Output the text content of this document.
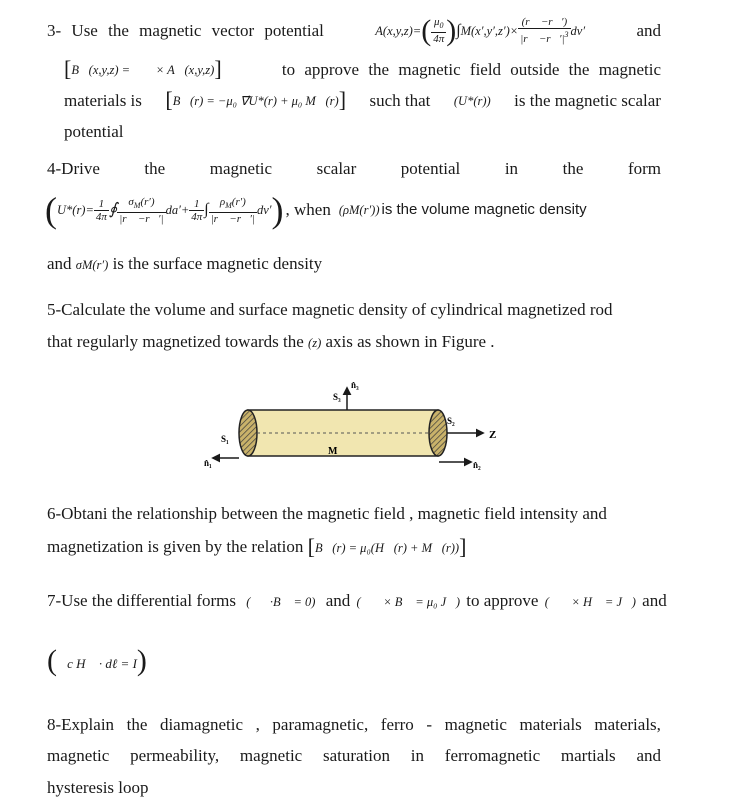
3- Use the magnetic vector potential	A(x,y,z)= ( $\frac{\mu_0}{4\pi}$ ) ∫ $M(x',y',z')\times \frac{(r⃗ -r⃗')}{|r⃗ -r⃗'|^3} dv'$	and
[B⃗(x,y,z) = ∇⃗ × A⃗(x,y,z)]	to approve the magnetic field outside the magnetic
materials is [B⃗(r) = −μ₀ ∇⃗U*(r) + μ₀ M⃗(r)] such that (U*(r)) is the magnetic scalar
potential
4-Drive	the	magnetic	scalar	potential	in	the	form
( $U*(r)= \frac{1}{4\pi}$ ∮ $\frac{\sigma_M(r')}{|r⃗ -r⃗'|} da'+ \frac{1}{4\pi}$ ∫ $\frac{\rho_M(r')}{|r⃗ -r⃗'|} dv'$ ) , when (ρM(r′)) is the volume magnetic density
and σM(r′) is the surface magnetic density
5-Calculate the volume and surface magnetic density of cylindrical magnetized rod
that regularly magnetized towards the (z) axis as shown in Figure .
Z
n̂₁
S₁
n̂₂
S₂
n̂₃
S₃
M
6-Obtani the relationship between the magnetic field , magnetic field intensity and
magnetization is given by the relation [B⃗(r) = μ₀(H⃗(r) + M⃗(r))]
7-Use the differential forms (∇⃗·B⃗ = 0) and (∇⃗ × B⃗ = μ₀ J⃗) to approve (∇⃗ × H⃗ = J⃗) and
(∮c H⃗ · dℓ = I)
8-Explain the diamagnetic , paramagnetic, ferro - magnetic materials materials,
magnetic permeability, magnetic saturation in ferromagnetic martials and
hysteresis loop
